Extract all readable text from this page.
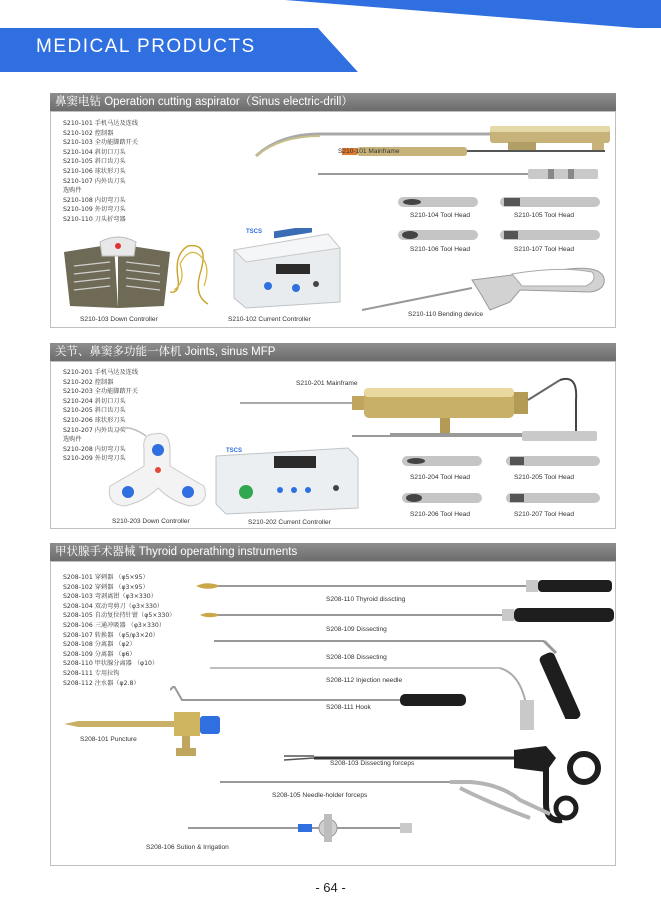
MEDICAL PRODUCTS
鼻窦电钻 Operation cutting aspirator（Sinus electric-drill）
S210-101 手机马达及连线
S210-102 控制器
S210-103 全功能脚踏开关
S210-104 斜切口刀头
S210-105 斜口齿刀头
S210-106 球状形刀头
S210-107 内外齿刀头
选购件
S210-108 内切弯刀头
S210-109 外切弯刀头
S210-110 刀头折弯器
S210-101 Mainframe
S210-104 Tool Head	S210-105 Tool Head
S210-106 Tool Head	S210-107 Tool Head
S210-103 Down Controller
TSCS
S210-102 Current Controller
S210-110 Bending device
关节、鼻窦多功能一体机 Joints, sinus MFP
S210-201 手机马达及连线
S210-202 控制器
S210-203 全功能脚踏开关
S210-204 斜切口刀头
S210-205 斜口齿刀头
S210-206 球状形刀头
S210-207 内外齿刀头
选购件
S210-208 内切弯刀头
S210-209 外切弯刀头
S210-201 Mainframe
S210-204 Tool Head	S210-205 Tool Head
S210-206 Tool Head	S210-207 Tool Head
S210-203 Down Controller
TSCS
S210-202 Current Controller
甲状腺手术器械 Thyroid operathing instruments
S208-101 穿刺器 （φ5×95）
S208-102 穿刺器 （φ3×95）
S208-103 弯剥离钳（φ3×330）
S208-104 双动弯剪刀（φ3×330）
S208-105 自动复位持针钳（φ5×330）
S208-106 三通冲吸器 （φ3×330）
S208-107 转换器 （φ5/φ3×20）
S208-108 分离器 （φ2）
S208-109 分离器 （φ6）
S208-110 甲状腺分离器 （φ10）
S208-111 专用拉钩
S208-112 注水器（φ2.8）
S208-110 Thyroid disscting
S208-109 Dissecting
S208-108 Dissecting
S208-112 Injection needle
S208-111 Hook
S208-101 Puncture
S208-103 Dissecting forceps
S208-105 Needle-holder forceps
S208-106 Sution & Irrigation
- 64 -
